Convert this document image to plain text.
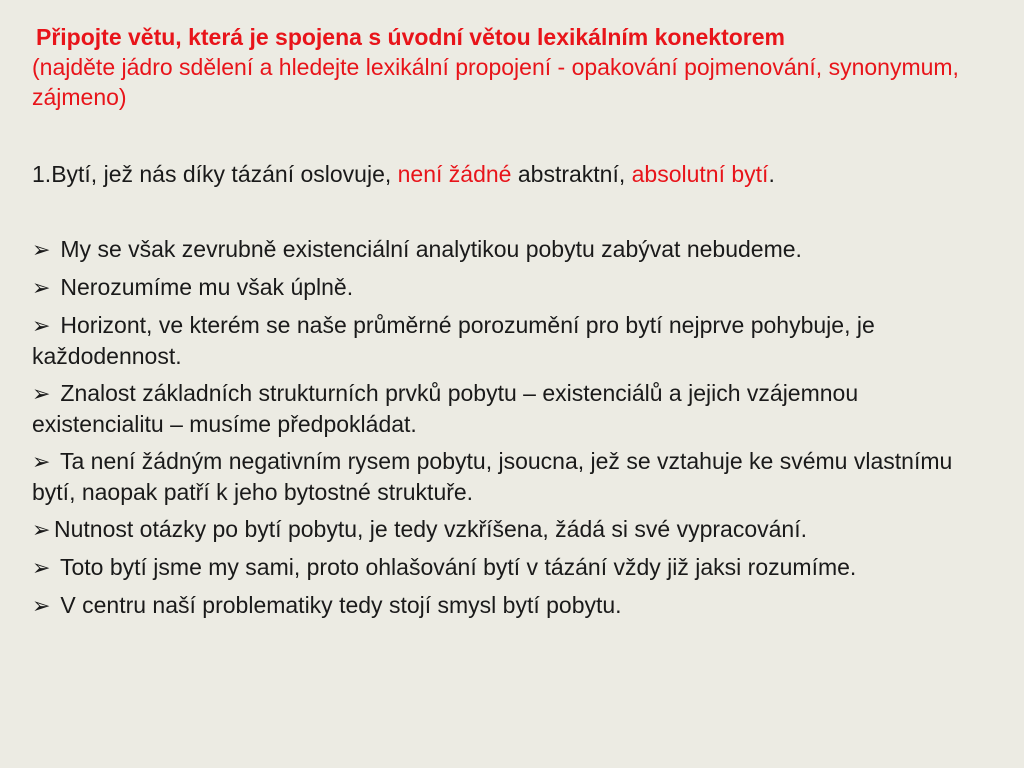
Připojte větu, která je spojena s úvodní větou lexikálním konektorem
(najděte jádro sdělení a hledejte lexikální propojení - opakování pojmenování, synonymum, zájmeno)
1.Bytí, jež nás díky tázání oslovuje, není žádné abstraktní, absolutní bytí.
➢ My se však zevrubně existenciální analytikou pobytu zabývat nebudeme.
➢ Nerozumíme mu však úplně.
➢ Horizont, ve kterém se naše průměrné porozumění pro bytí nejprve pohybuje, je každodennost.
➢ Znalost základních strukturních prvků pobytu – existenciálů a jejich vzájemnou existencialitu – musíme předpokládat.
➢ Ta není žádným negativním rysem pobytu, jsoucna, jež se vztahuje ke svému vlastnímu bytí, naopak patří k jeho bytostné struktuře.
➢ Nutnost otázky po bytí pobytu, je tedy vzkříšena, žádá si své vypracování.
➢ Toto bytí jsme my sami, proto ohlašování bytí v tázání vždy již jaksi rozumíme.
➢ V centru naší problematiky tedy stojí smysl bytí pobytu.
